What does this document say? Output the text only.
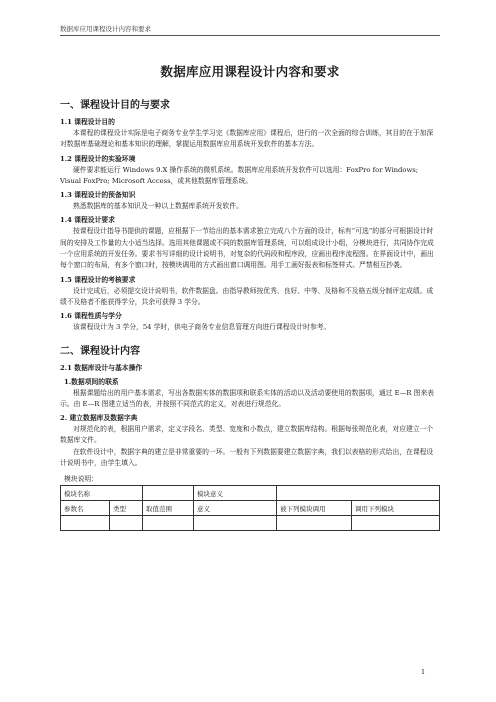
数据库应用课程设计内容和要求
数据库应用课程设计内容和要求
一、课程设计目的与要求
1.1 课程设计目的

本课程的课程设计实际是电子商务专业学生学习完《数据库应用》课程后，进行的一次全面的综合训练，其目的在于加深对数据库基础理论和基本知识的理解，掌握运用数据库应用系统开发软件的基本方法。

1.2 课程设计的实验环境

硬件要求能运行 Windows 9.X 操作系统的微机系统。数据库应用系统开发软件可以选用：FoxPro for Windows; Visual FoxPro; Microsoft Access，或其他数据库管理系统。

1.3 课程设计的预备知识

熟悉数据库的基本知识及一种以上数据库系统开发软件。

1.4 课程设计要求

按课程设计指导书提供的课题，应根据下一节给出的基本需求独立完成八个方面的设计，标有“可选”的部分可根据设计时间的安排及工作量的大小适当选择。选用其他课题或不同的数据库管理系统，可以组成设计小组，分模块进行，共同协作完成一个应用系统的开发任务。要求书写详细的设计说明书，对复杂的代码段和程序段，应画出程序流程图。在界面设计中，画出每个窗口的布局，有多个窗口时，按模块调用的方式画出窗口调用图。用手工画好报表和标签样式。严禁相互抄袭。

1.5 课程设计的考核要求

设计完成后，必须提交设计说明书，软件数据盘。由指导教师按优秀、良好、中等、及格和不及格五级分制评定成绩。成绩不及格者不能获得学分，共余可获得 3 学分。

1.6 课程性质与学分

该课程设计为 3 学分，54 学时，供电子商务专业信息管理方向进行课程设计时参考。

二、课程设计内容
2.1 数据库设计与基本操作
1.数据项间的联系

根据课题给出的用户基本需求，写出各数据实体的数据项和联系实体的活动以及活动要使用的数据项，通过 E—R 图来表示。由 E—R 图建立适当的表，并按照不同范式的定义，对表进行规范化。

2. 建立数据库及数据字典

对规范化的表，根据用户需求，定义字段名、类型、宽度和小数点，建立数据库结构。根据每张规范化表，对应建立一个数据库文件。

在软件设计中，数据字典的建立是非常重要的一环。一般有下列数据要建立数据字典，我们以表格的形式给出，在课程设计说明书中，由学生填入。

模块说明：
模块名称			模块意义		
参数名	类型	取值范围	意义	被下列模块调用	调用下列模块

1
